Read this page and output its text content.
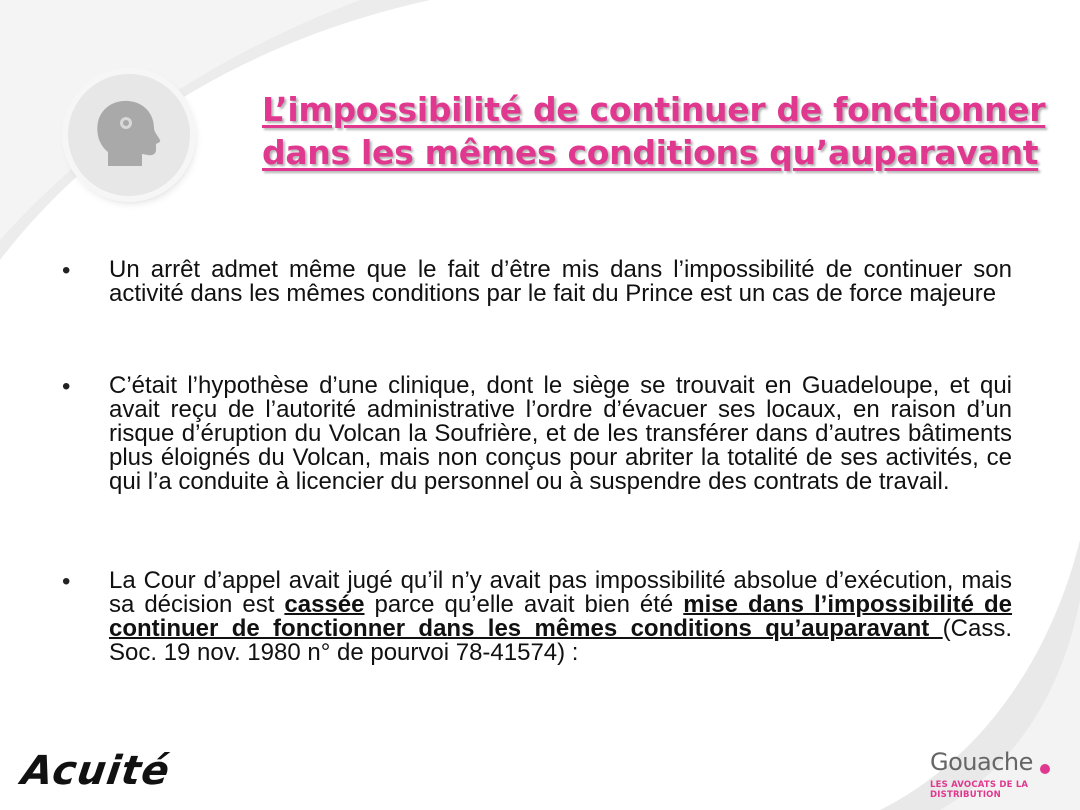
L’impossibilité de continuer de fonctionner dans les mêmes conditions qu’auparavant
• Un arrêt admet même que le fait d’être mis dans l’impossibilité de continuer son activité dans les mêmes conditions par le fait du Prince est un cas de force majeure

• C’était l’hypothèse d’une clinique, dont le siège se trouvait en Guadeloupe, et qui avait reçu de l’autorité administrative l’ordre d’évacuer ses locaux, en raison d’un risque d’éruption du Volcan la Soufrière, et de les transférer dans d’autres bâtiments plus éloignés du Volcan, mais non conçus pour abriter la totalité de ses activités, ce qui l’a conduite à licencier du personnel ou à suspendre des contrats de travail.

• La Cour d’appel avait jugé qu’il n’y avait pas impossibilité absolue d’exécution, mais sa décision est cassée parce qu’elle avait bien été mise dans l’impossibilité de continuer de fonctionner dans les mêmes conditions qu’auparavant (Cass. Soc. 19 nov. 1980 n° de pourvoi 78-41574) :

Acuité	Gouache
LES AVOCATS DE LA DISTRIBUTION
